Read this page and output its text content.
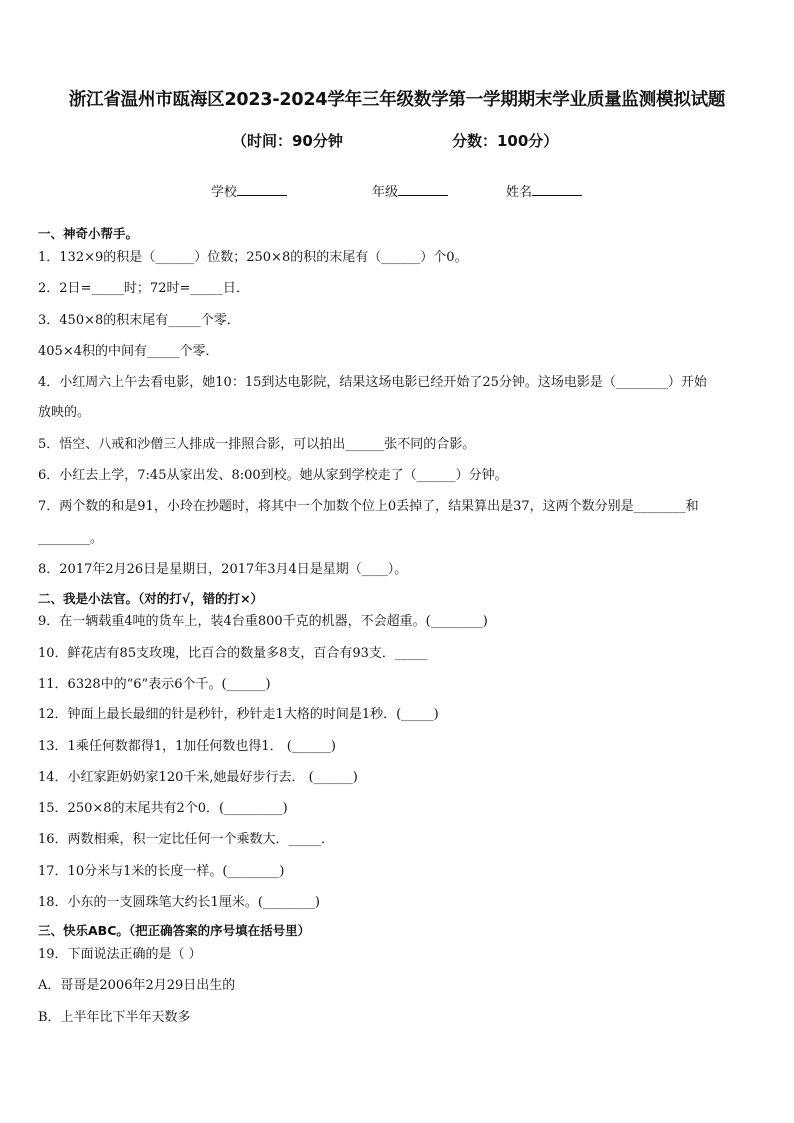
浙江省温州市瓯海区2023-2024学年三年级数学第一学期期末学业质量监测模拟试题
（时间：90分钟	分数：100分）
学校	年级	姓名
一、神奇小帮手。
1．132×9的积是（______）位数；250×8的积的末尾有（______）个0。
2．2日=_____时；72时=_____日．
3．450×8的积末尾有_____个零．
405×4积的中间有_____个零．
4．小红周六上午去看电影，她10：15到达电影院，结果这场电影已经开始了25分钟。这场电影是（________）开始
放映的。
5．悟空、八戒和沙僧三人排成一排照合影，可以拍出______张不同的合影。
6．小红去上学，7:45从家出发、8:00到校。她从家到学校走了（______）分钟。
7．两个数的和是91，小玲在抄题时，将其中一个加数个位上0丢掉了，结果算出是37，这两个数分别是________和
________。
8．2017年2月26日是星期日，2017年3月4日是星期（____）。
二、我是小法官。（对的打√，错的打×）
9．在一辆载重4吨的货车上，装4台重800千克的机器，不会超重。(________)
10．鲜花店有85支玫瑰，比百合的数量多8支，百合有93支．_____
11．6328中的“6”表示6个千。(______)
12．钟面上最长最细的针是秒针，秒针走1大格的时间是1秒．(_____)
13．1乘任何数都得1，1加任何数也得1． (______)
14．小红家距奶奶家120千米,她最好步行去． (______)
15．250×8的末尾共有2个0．(_________)
16．两数相乘，积一定比任何一个乘数大．_____．
17．10分米与1米的长度一样。(________)
18．小东的一支圆珠笔大约长1厘米。(________)
三、快乐ABC。（把正确答案的序号填在括号里）
19．下面说法正确的是（ ）
A．哥哥是2006年2月29日出生的
B．上半年比下半年天数多
